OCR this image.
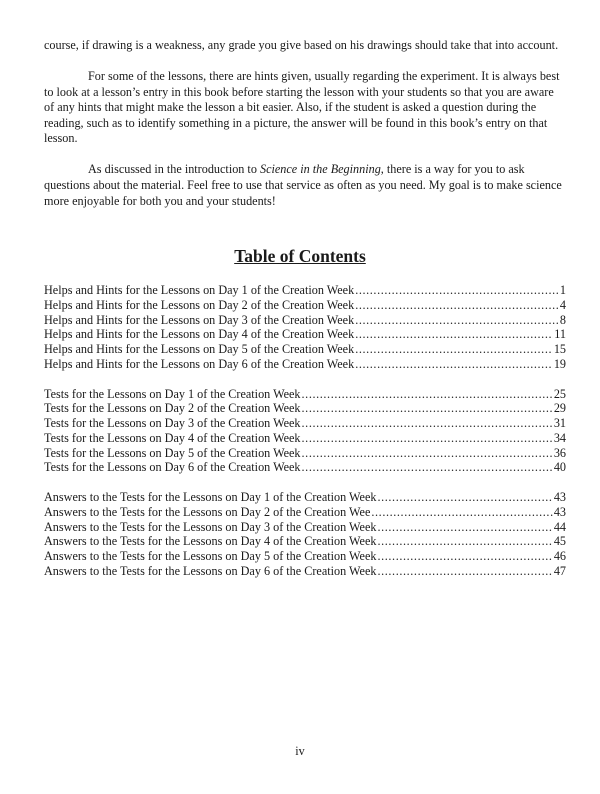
course, if drawing is a weakness, any grade you give based on his drawings should take that into account.

For some of the lessons, there are hints given, usually regarding the experiment. It is always best to look at a lesson’s entry in this book before starting the lesson with your students so that you are aware of any hints that might make the lesson a bit easier. Also, if the student is asked a question during the reading, such as to identify something in a picture, the answer will be found in this book’s entry on that lesson.

As discussed in the introduction to Science in the Beginning, there is a way for you to ask questions about the material. Feel free to use that service as often as you need. My goal is to make science more enjoyable for both you and your students!

Table of Contents
Helps and Hints for the Lessons on Day 1 of the Creation Week .....	1
Helps and Hints for the Lessons on Day 2 of the Creation Week .....	4
Helps and Hints for the Lessons on Day 3 of the Creation Week .....	8
Helps and Hints for the Lessons on Day 4 of the Creation Week .....	11
Helps and Hints for the Lessons on Day 5 of the Creation Week .....	15
Helps and Hints for the Lessons on Day 6 of the Creation Week .....	19
Tests for the Lessons on Day 1 of the Creation Week .....	25
Tests for the Lessons on Day 2 of the Creation Week .....	29
Tests for the Lessons on Day 3 of the Creation Week .....	31
Tests for the Lessons on Day 4 of the Creation Week .....	34
Tests for the Lessons on Day 5 of the Creation Week .....	36
Tests for the Lessons on Day 6 of the Creation Week .....	40
Answers to the Tests for the Lessons on Day 1 of the Creation Week .....	43
Answers to the Tests for the Lessons on Day 2 of the Creation Wee .....	43
Answers to the Tests for the Lessons on Day 3 of the Creation Week .....	44
Answers to the Tests for the Lessons on Day 4 of the Creation Week .....	45
Answers to the Tests for the Lessons on Day 5 of the Creation Week .....	46
Answers to the Tests for the Lessons on Day 6 of the Creation Week .....	47
iv
